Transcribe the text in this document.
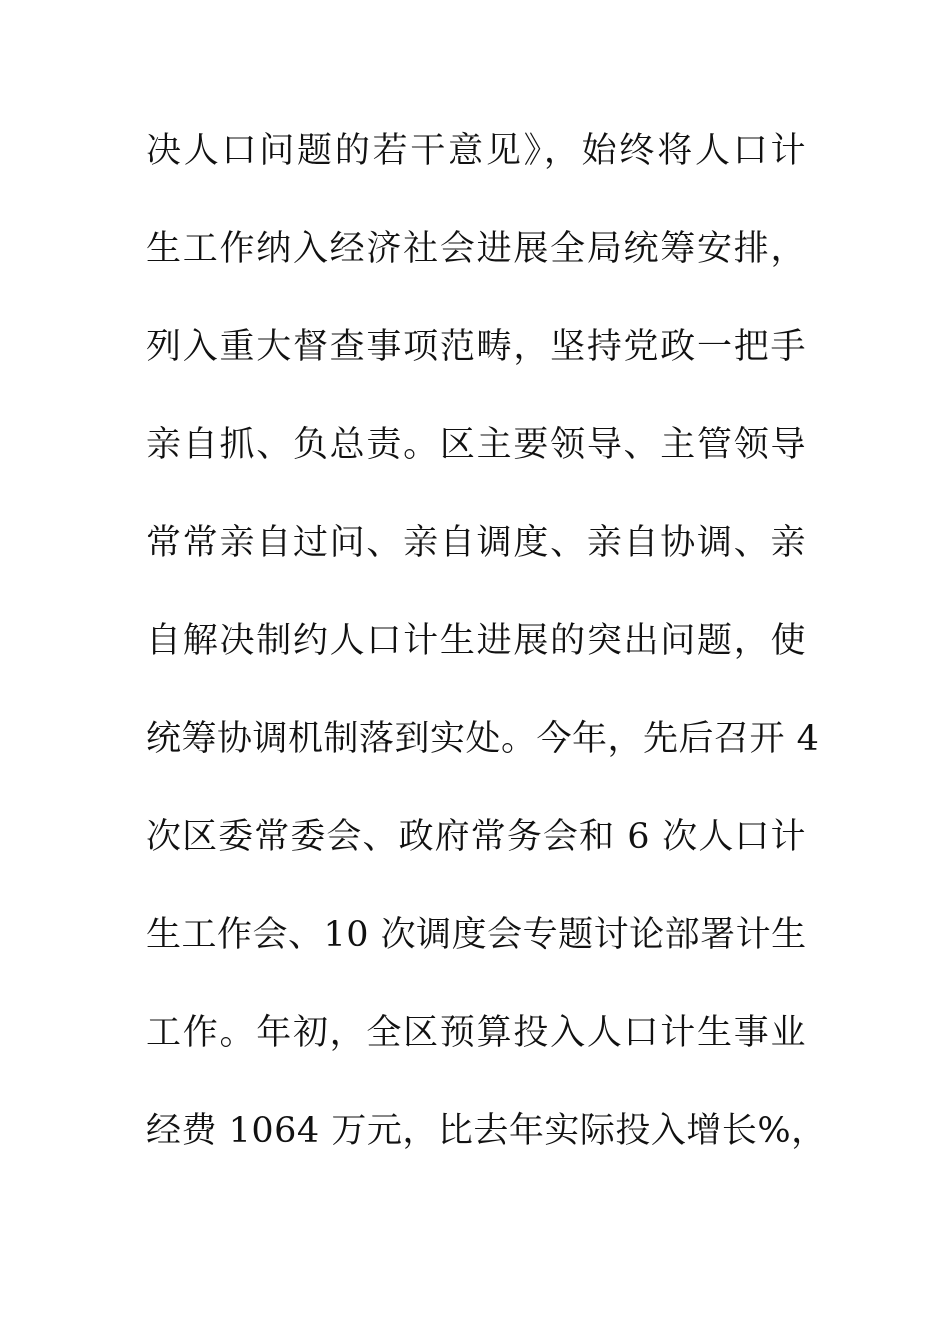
决人口问题的若干意见》，始终将人口计
生工作纳入经济社会进展全局统筹安排，
列入重大督查事项范畴，坚持党政一把手
亲自抓、负总责。区主要领导、主管领导
常常亲自过问、亲自调度、亲自协调、亲
自解决制约人口计生进展的突出问题，使
统筹协调机制落到实处。今年，先后召开 4
次区委常委会、政府常务会和 6 次人口计
生工作会、10 次调度会专题讨论部署计生
工作。年初，全区预算投入人口计生事业
经费 1064 万元，比去年实际投入增长%，
